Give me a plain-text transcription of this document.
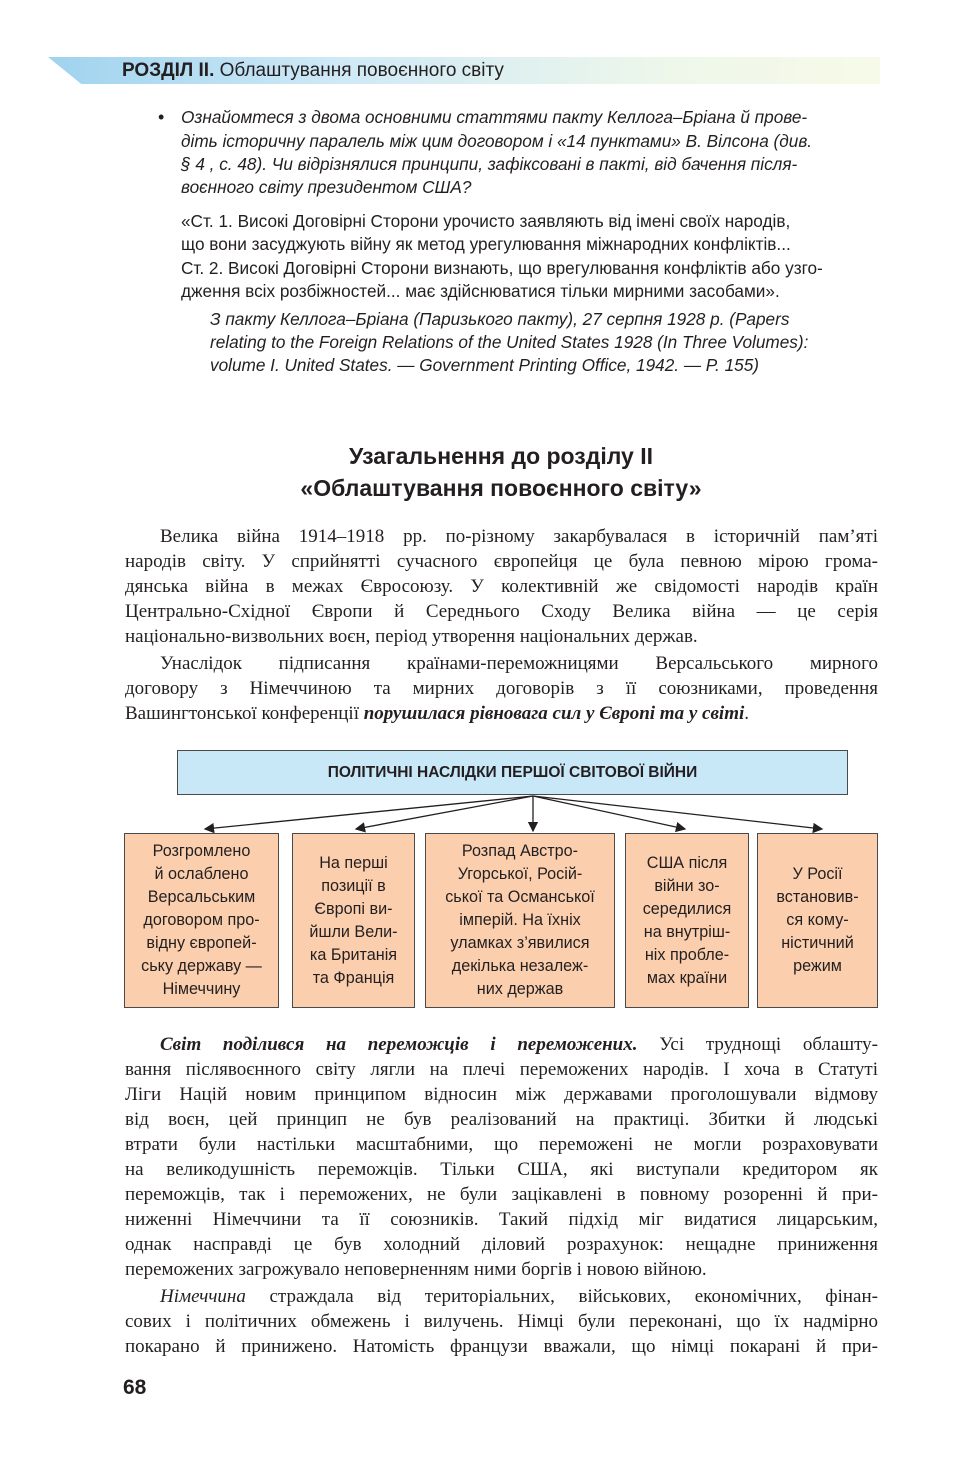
РОЗДІЛ ІІ. Облаштування повоєнного світу
• Ознайомтеся з двома основними статтями пакту Келлога–Бріана й прове-
діть історичну паралель між цим договором і «14 пунктами» В. Вілсона (див.
§ 4 , с. 48). Чи відрізнялися принципи, зафіксовані в пакті, від бачення після-
воєнного світу президентом США?
«Ст. 1. Високі Договірні Сторони урочисто заявляють від імені своїх народів,
що вони засуджують війну як метод урегулювання міжнародних конфліктів...
Ст. 2. Високі Договірні Сторони визнають, що врегулювання конфліктів або узго-
дження всіх розбіжностей... має здійснюватися тільки мирними засобами».
З пакту Келлога–Бріана (Паризького пакту), 27 серпня 1928 р. (Papers
relating to the Foreign Relations of the United States 1928 (In Three Volumes):
volume I. United States. — Government Printing Office, 1942. — P. 155)
Узагальнення до розділу ІІ
«Облаштування повоєнного світу»
Велика війна 1914–1918 рр. по-різному закарбувалася в історичній пам’яті
народів світу. У сприйнятті сучасного європейця це була певною мірою грома-
дянська війна в межах Євросоюзу. У колективній же свідомості народів країн
Центрально-Східної Європи й Середнього Сходу Велика війна — це серія
національно-визвольних воєн, період утворення національних держав.
Унаслідок підписання країнами-переможницями Версальського мирного
договору з Німеччиною та мирних договорів з її союзниками, проведення
Вашингтонської конференції порушилася рівновага сил у Європі та у світі.
ПОЛІТИЧНІ НАСЛІДКИ ПЕРШОЇ СВІТОВОЇ ВІЙНИ
Розгромлено
й ослаблено
Версальським
договором про-
відну європей-
ську державу —
Німеччину
На перші
позиції в
Європі ви-
йшли Вели-
ка Британія
та Франція
Розпад Австро-
Угорської, Росій-
ської та Османської
імперій. На їхніх
уламках з’явилися
декілька незалеж-
них держав
США після
війни зо-
середилися
на внутріш-
ніх пробле-
мах країни
У Росії
встановив-
ся кому-
ністичний
режим
Світ поділився на переможців і переможених. Усі труднощі облашту-
вання післявоєнного світу лягли на плечі переможених народів. І хоча в Статуті
Ліги Націй новим принципом відносин між державами проголошували відмову
від воєн, цей принцип не був реалізований на практиці. Збитки й людські
втрати були настільки масштабними, що переможені не могли розраховувати
на великодушність переможців. Тільки США, які виступали кредитором як
переможців, так і переможених, не були зацікавлені в повному розоренні й при-
ниженні Німеччини та її союзників. Такий підхід міг видатися лицарським,
однак насправді це був холодний діловий розрахунок: нещадне приниження
переможених загрожувало неповерненням ними боргів і новою війною.
Німеччина страждала від територіальних, військових, економічних, фінан-
сових і політичних обмежень і вилучень. Німці були переконані, що їх надмірно
покарано й принижено. Натомість французи вважали, що німці покарані й при-
68
